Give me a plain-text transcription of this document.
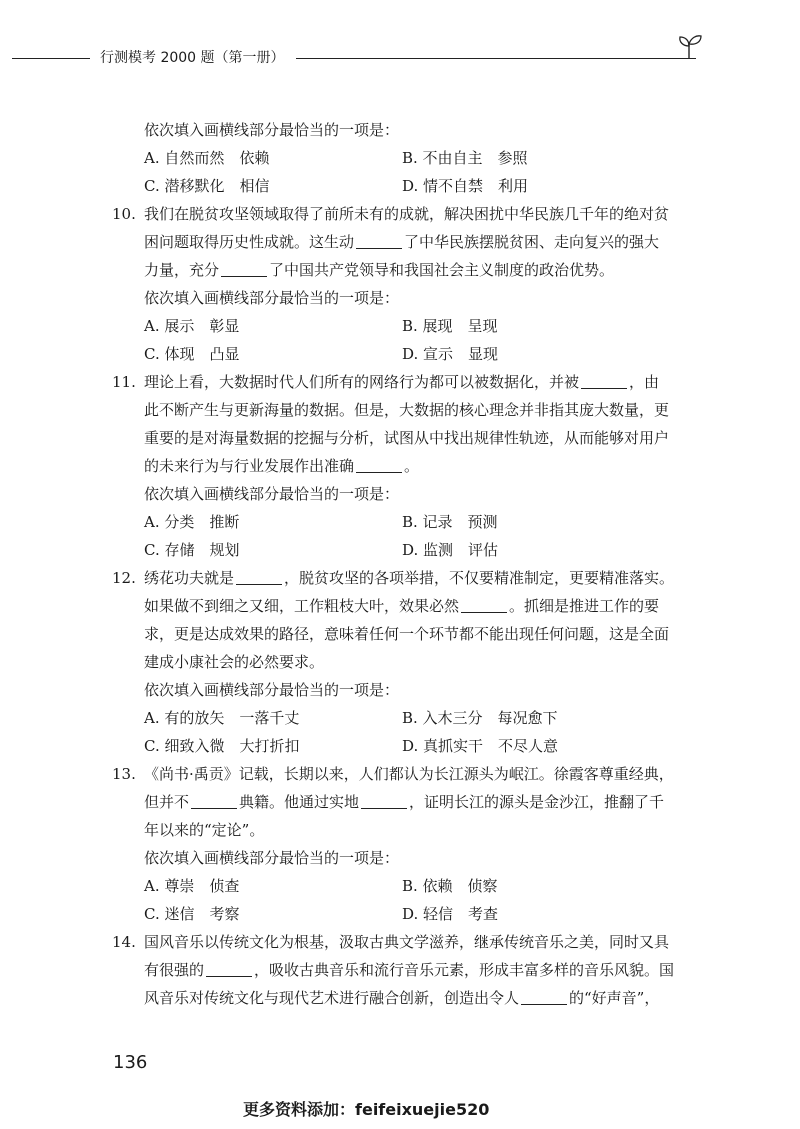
行测模考 2000 题（第一册）
依次填入画横线部分最恰当的一项是：
A. 自然而然　依赖	B. 不由自主　参照
C. 潜移默化　相信	D. 情不自禁　利用
10. 我们在脱贫攻坚领域取得了前所未有的成就，解决困扰中华民族几千年的绝对贫
困问题取得历史性成就。这生动	了中华民族摆脱贫困、走向复兴的强大
力量，充分	了中国共产党领导和我国社会主义制度的政治优势。
依次填入画横线部分最恰当的一项是：
A. 展示　彰显	B. 展现　呈现
C. 体现　凸显	D. 宣示　显现
11. 理论上看，大数据时代人们所有的网络行为都可以被数据化，并被	，由
此不断产生与更新海量的数据。但是，大数据的核心理念并非指其庞大数量，更
重要的是对海量数据的挖掘与分析，试图从中找出规律性轨迹，从而能够对用户
的未来行为与行业发展作出准确	。
依次填入画横线部分最恰当的一项是：
A. 分类　推断	B. 记录　预测
C. 存储　规划	D. 监测　评估
12. 绣花功夫就是	，脱贫攻坚的各项举措，不仅要精准制定，更要精准落实。
如果做不到细之又细，工作粗枝大叶，效果必然	。抓细是推进工作的要
求，更是达成效果的路径，意味着任何一个环节都不能出现任何问题，这是全面
建成小康社会的必然要求。
依次填入画横线部分最恰当的一项是：
A. 有的放矢　一落千丈	B. 入木三分　每况愈下
C. 细致入微　大打折扣	D. 真抓实干　不尽人意
13. 《尚书·禹贡》记载，长期以来，人们都认为长江源头为岷江。徐霞客尊重经典，
但并不	典籍。他通过实地	，证明长江的源头是金沙江，推翻了千
年以来的“定论”。
依次填入画横线部分最恰当的一项是：
A. 尊崇　侦查	B. 依赖　侦察
C. 迷信　考察	D. 轻信　考查
14. 国风音乐以传统文化为根基，汲取古典文学滋养，继承传统音乐之美，同时又具
有很强的	，吸收古典音乐和流行音乐元素，形成丰富多样的音乐风貌。国
风音乐对传统文化与现代艺术进行融合创新，创造出令人	的“好声音”，
136
更多资料添加：feifeixuejie520
